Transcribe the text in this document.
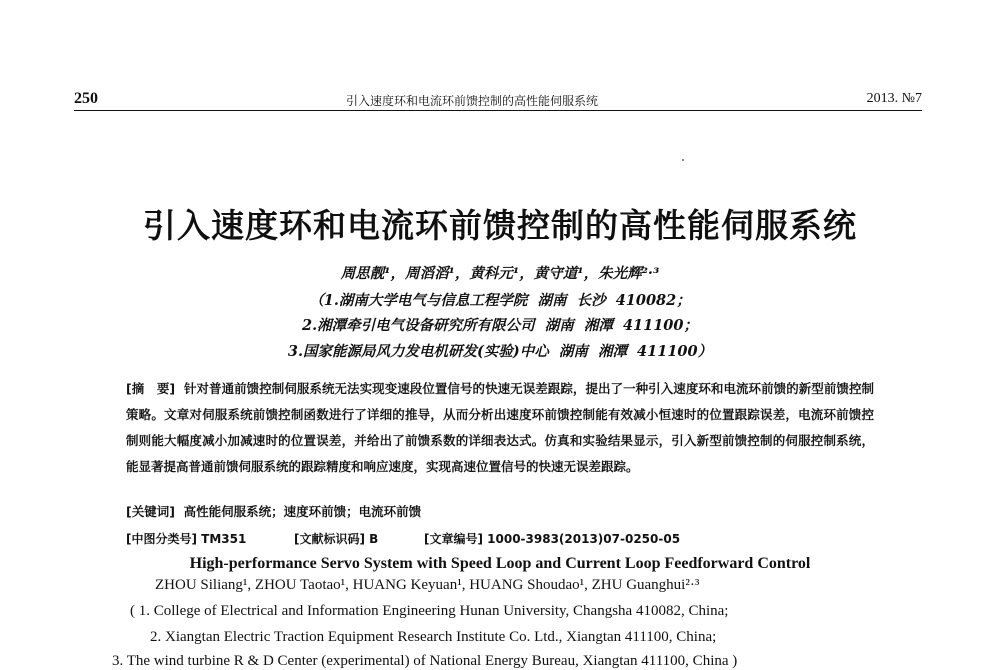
250	引入速度环和电流环前馈控制的高性能伺服系统	2013. №7
引入速度环和电流环前馈控制的高性能伺服系统
周思靓¹，周滔滔¹，黄科元¹，黄守道¹，朱光辉²·³
（1.湖南大学电气与信息工程学院  湖南  长沙  410082；
2.湘潭牵引电气设备研究所有限公司  湖南  湘潭  411100；
3.国家能源局风力发电机研发(实验)中心  湖南  湘潭  411100）
[摘　要] 针对普通前馈控制伺服系统无法实现变速段位置信号的快速无误差跟踪，提出了一种引入速度环和电流环前馈的新型前馈控制策略。文章对伺服系统前馈控制函数进行了详细的推导，从而分析出速度环前馈控制能有效减小恒速时的位置跟踪误差，电流环前馈控制则能大幅度减小加减速时的位置误差，并给出了前馈系数的详细表达式。仿真和实验结果显示，引入新型前馈控制的伺服控制系统，能显著提高普通前馈伺服系统的跟踪精度和响应速度，实现高速位置信号的快速无误差跟踪。
[关键词] 高性能伺服系统；速度环前馈；电流环前馈

[中图分类号] TM351

	[文献标识码] B

	[文章编号] 1000-3983(2013)07-0250-05

High-performance Servo System with Speed Loop and Current Loop Feedforward Control
ZHOU Siliang¹, ZHOU Taotao¹, HUANG Keyuan¹, HUANG Shoudao¹, ZHU Guanghui²·³
( 1. College of Electrical and Information Engineering Hunan University, Changsha 410082, China;
2. Xiangtan Electric Traction Equipment Research Institute Co. Ltd., Xiangtan 411100, China;
3. The wind turbine R & D Center (experimental) of National Energy Bureau, Xiangtan 411100, China )
